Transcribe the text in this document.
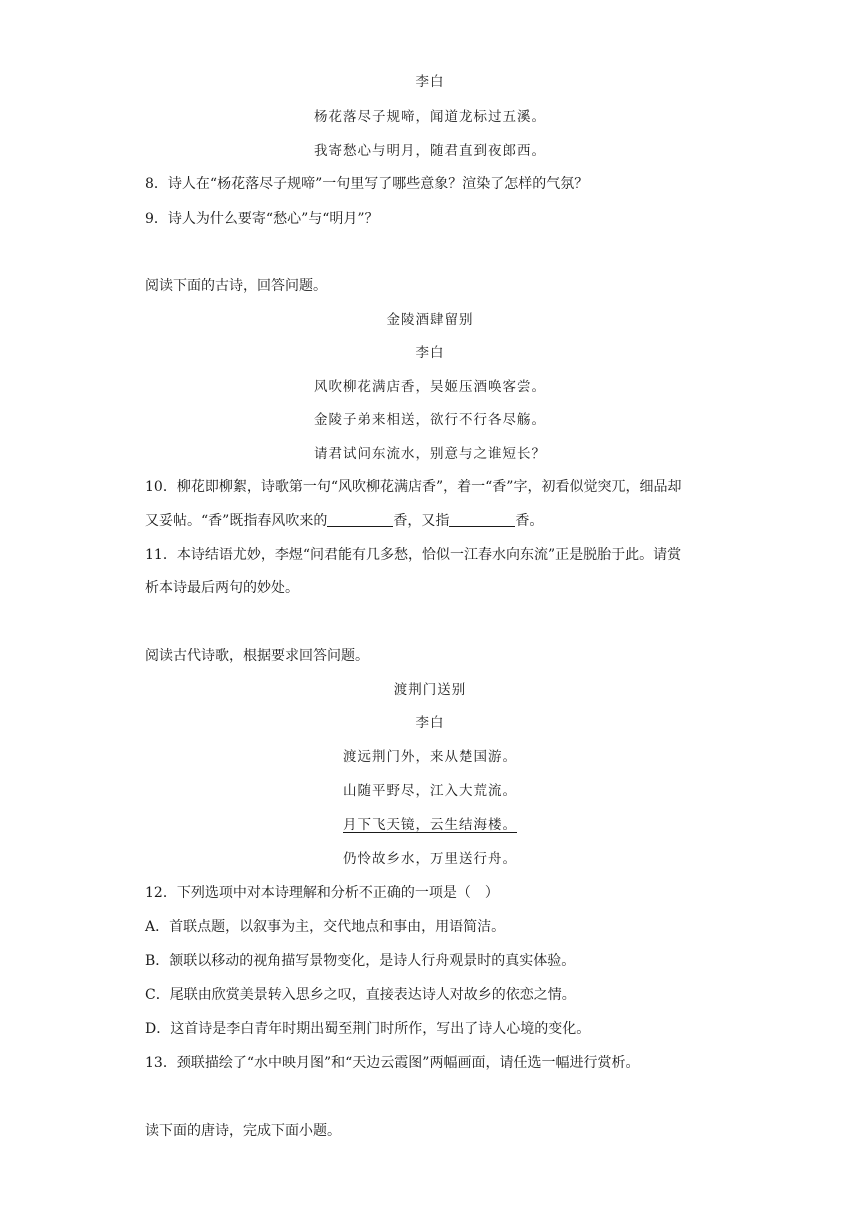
李白
杨花落尽子规啼，闻道龙标过五溪。
我寄愁心与明月，随君直到夜郎西。
8．诗人在“杨花落尽子规啼”一句里写了哪些意象？渲染了怎样的气氛？
9．诗人为什么要寄“愁心”与“明月”？
阅读下面的古诗，回答问题。
金陵酒肆留别
李白
风吹柳花满店香，吴姬压酒唤客尝。
金陵子弟来相送，欲行不行各尽觞。
请君试问东流水，别意与之谁短长？
10．柳花即柳絮，诗歌第一句“风吹柳花满店香”，着一“香”字，初看似觉突兀，细品却
又妥帖。“香”既指春风吹来的	香，又指	香。
11．本诗结语尤妙，李煜“问君能有几多愁，恰似一江春水向东流”正是脱胎于此。请赏
析本诗最后两句的妙处。
阅读古代诗歌，根据要求回答问题。
渡荆门送别
李白
渡远荆门外，来从楚国游。
山随平野尽，江入大荒流。
月下飞天镜，云生结海楼。
仍怜故乡水，万里送行舟。
12．下列选项中对本诗理解和分析不正确的一项是（　）
A．首联点题，以叙事为主，交代地点和事由，用语简洁。
B．颔联以移动的视角描写景物变化，是诗人行舟观景时的真实体验。
C．尾联由欣赏美景转入思乡之叹，直接表达诗人对故乡的依恋之情。
D．这首诗是李白青年时期出蜀至荆门时所作，写出了诗人心境的变化。
13．颈联描绘了“水中映月图”和“天边云霞图”两幅画面，请任选一幅进行赏析。
读下面的唐诗，完成下面小题。
